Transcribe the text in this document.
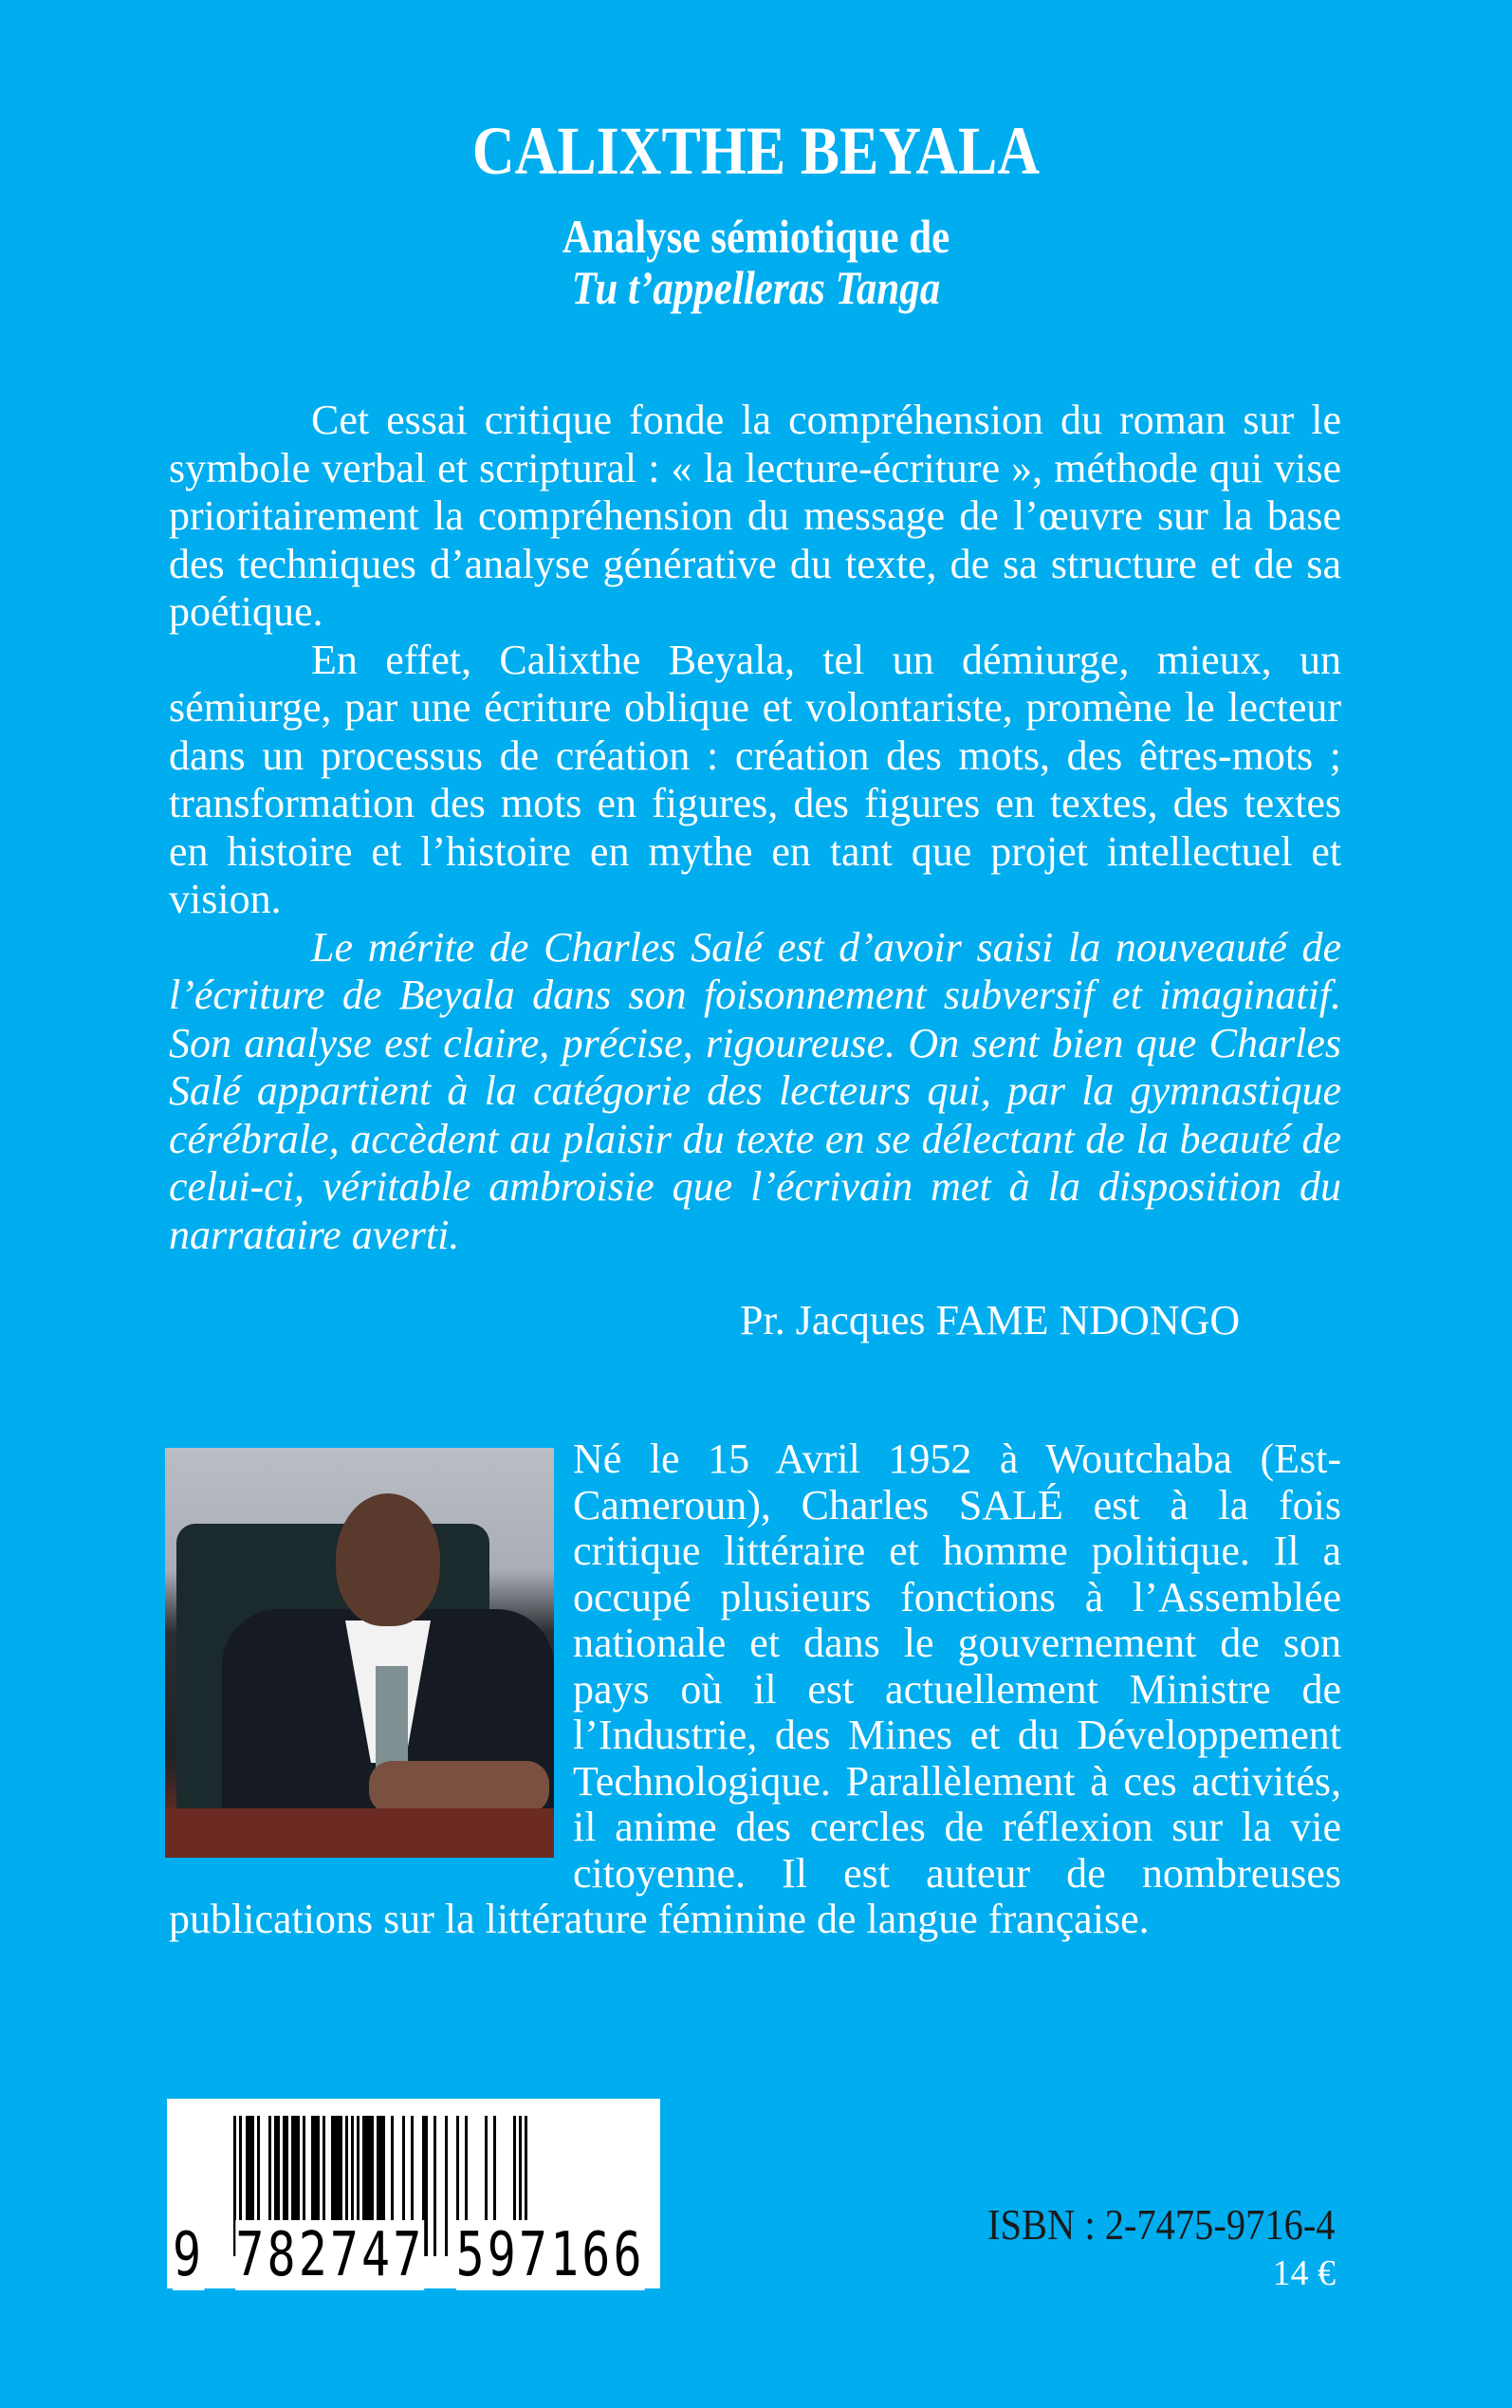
CALIXTHE BEYALA
Analyse sémiotique de
Tu t’appelleras Tanga

Cet essai critique fonde la compréhension du roman sur le symbole verbal et scriptural : « la lecture-écriture », méthode qui vise prioritairement la compréhension du message de l’œuvre sur la base des techniques d’analyse générative du texte, de sa structure et de sa poétique.

En effet, Calixthe Beyala, tel un démiurge, mieux, un sémiurge, par une écriture oblique et volontariste, promène le lecteur dans un processus de création : création des mots, des êtres-mots ; transformation des mots en figures, des figures en textes, des textes en histoire et l’histoire en mythe en tant que projet intellectuel et vision.

Le mérite de Charles Salé est d’avoir saisi la nouveauté de l’écriture de Beyala dans son foisonnement subversif et imaginatif. Son analyse est claire, précise, rigoureuse. On sent bien que Charles Salé appartient à la catégorie des lecteurs qui, par la gymnastique cérébrale, accèdent au plaisir du texte en se délectant de la beauté de celui-ci, véritable ambroisie que l’écrivain met à la disposition du narrataire averti.

Pr. Jacques FAME NDONGO
Né le 15 Avril 1952 à Woutchaba (Est-Cameroun), Charles SALÉ est à la fois critique littéraire et homme politique. Il a occupé plusieurs fonctions à l’Assemblée nationale et dans le gouvernement de son pays où il est actuellement Ministre de l’Industrie, des Mines et du Développement Technologique. Parallèlement à ces activités, il anime des cercles de réflexion sur la vie citoyenne. Il est auteur de nombreuses publications sur la littérature féminine de langue française.
9 782747 597166	ISBN : 2-7475-9716-4
14 €
